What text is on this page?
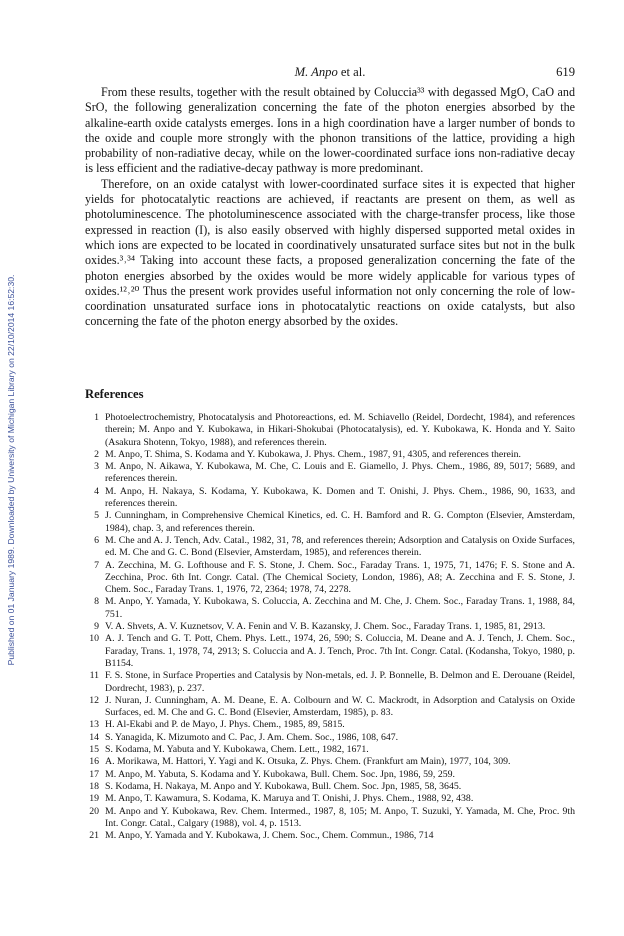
Published on 01 January 1989. Downloaded by University of Michigan Library on 22/10/2014 16:52:30.
M. Anpo et al.	619

From these results, together with the result obtained by Coluccia³³ with degassed MgO, CaO and SrO, the following generalization concerning the fate of the photon energies absorbed by the alkaline-earth oxide catalysts emerges. Ions in a high coordination have a larger number of bonds to the oxide and couple more strongly with the phonon transitions of the lattice, providing a high probability of non-radiative decay, while on the lower-coordinated surface ions non-radiative decay is less efficient and the radiative-decay pathway is more predominant.

Therefore, on an oxide catalyst with lower-coordinated surface sites it is expected that higher yields for photocatalytic reactions are achieved, if reactants are present on them, as well as photoluminescence. The photoluminescence associated with the charge-transfer process, like those expressed in reaction (I), is also easily observed with highly dispersed supported metal oxides in which ions are expected to be located in coordinatively unsaturated surface sites but not in the bulk oxides.³˒³⁴ Taking into account these facts, a proposed generalization concerning the fate of the photon energies absorbed by the oxides would be more widely applicable for various types of oxides.¹²˒²⁰ Thus the present work provides useful information not only concerning the role of low-coordination unsaturated surface ions in photocatalytic reactions on oxide catalysts, but also concerning the fate of the photon energy absorbed by the oxides.

References
1 Photoelectrochemistry, Photocatalysis and Photoreactions, ed. M. Schiavello (Reidel, Dordecht, 1984), and references therein; M. Anpo and Y. Kubokawa, in Hikari-Shokubai (Photocatalysis), ed. Y. Kubokawa, K. Honda and Y. Saito (Asakura Shotenn, Tokyo, 1988), and references therein.
2 M. Anpo, T. Shima, S. Kodama and Y. Kubokawa, J. Phys. Chem., 1987, 91, 4305, and references therein.
3 M. Anpo, N. Aikawa, Y. Kubokawa, M. Che, C. Louis and E. Giamello, J. Phys. Chem., 1986, 89, 5017; 5689, and references therein.
4 M. Anpo, H. Nakaya, S. Kodama, Y. Kubokawa, K. Domen and T. Onishi, J. Phys. Chem., 1986, 90, 1633, and references therein.
5 J. Cunningham, in Comprehensive Chemical Kinetics, ed. C. H. Bamford and R. G. Compton (Elsevier, Amsterdam, 1984), chap. 3, and references therein.
6 M. Che and A. J. Tench, Adv. Catal., 1982, 31, 78, and references therein; Adsorption and Catalysis on Oxide Surfaces, ed. M. Che and G. C. Bond (Elsevier, Amsterdam, 1985), and references therein.
7 A. Zecchina, M. G. Lofthouse and F. S. Stone, J. Chem. Soc., Faraday Trans. 1, 1975, 71, 1476; F. S. Stone and A. Zecchina, Proc. 6th Int. Congr. Catal. (The Chemical Society, London, 1986), A8; A. Zecchina and F. S. Stone, J. Chem. Soc., Faraday Trans. 1, 1976, 72, 2364; 1978, 74, 2278.
8 M. Anpo, Y. Yamada, Y. Kubokawa, S. Coluccia, A. Zecchina and M. Che, J. Chem. Soc., Faraday Trans. 1, 1988, 84, 751.
9 V. A. Shvets, A. V. Kuznetsov, V. A. Fenin and V. B. Kazansky, J. Chem. Soc., Faraday Trans. 1, 1985, 81, 2913.
10 A. J. Tench and G. T. Pott, Chem. Phys. Lett., 1974, 26, 590; S. Coluccia, M. Deane and A. J. Tench, J. Chem. Soc., Faraday, Trans. 1, 1978, 74, 2913; S. Coluccia and A. J. Tench, Proc. 7th Int. Congr. Catal. (Kodansha, Tokyo, 1980, p. B1154.
11 F. S. Stone, in Surface Properties and Catalysis by Non-metals, ed. J. P. Bonnelle, B. Delmon and E. Derouane (Reidel, Dordrecht, 1983), p. 237.
12 J. Nuran, J. Cunningham, A. M. Deane, E. A. Colbourn and W. C. Mackrodt, in Adsorption and Catalysis on Oxide Surfaces, ed. M. Che and G. C. Bond (Elsevier, Amsterdam, 1985), p. 83.
13 H. Al-Ekabi and P. de Mayo, J. Phys. Chem., 1985, 89, 5815.
14 S. Yanagida, K. Mizumoto and C. Pac, J. Am. Chem. Soc., 1986, 108, 647.
15 S. Kodama, M. Yabuta and Y. Kubokawa, Chem. Lett., 1982, 1671.
16 A. Morikawa, M. Hattori, Y. Yagi and K. Otsuka, Z. Phys. Chem. (Frankfurt am Main), 1977, 104, 309.
17 M. Anpo, M. Yabuta, S. Kodama and Y. Kubokawa, Bull. Chem. Soc. Jpn, 1986, 59, 259.
18 S. Kodama, H. Nakaya, M. Anpo and Y. Kubokawa, Bull. Chem. Soc. Jpn, 1985, 58, 3645.
19 M. Anpo, T. Kawamura, S. Kodama, K. Maruya and T. Onishi, J. Phys. Chem., 1988, 92, 438.
20 M. Anpo and Y. Kubokawa, Rev. Chem. Intermed., 1987, 8, 105; M. Anpo, T. Suzuki, Y. Yamada, M. Che, Proc. 9th Int. Congr. Catal., Calgary (1988), vol. 4, p. 1513.
21 M. Anpo, Y. Yamada and Y. Kubokawa, J. Chem. Soc., Chem. Commun., 1986, 714
